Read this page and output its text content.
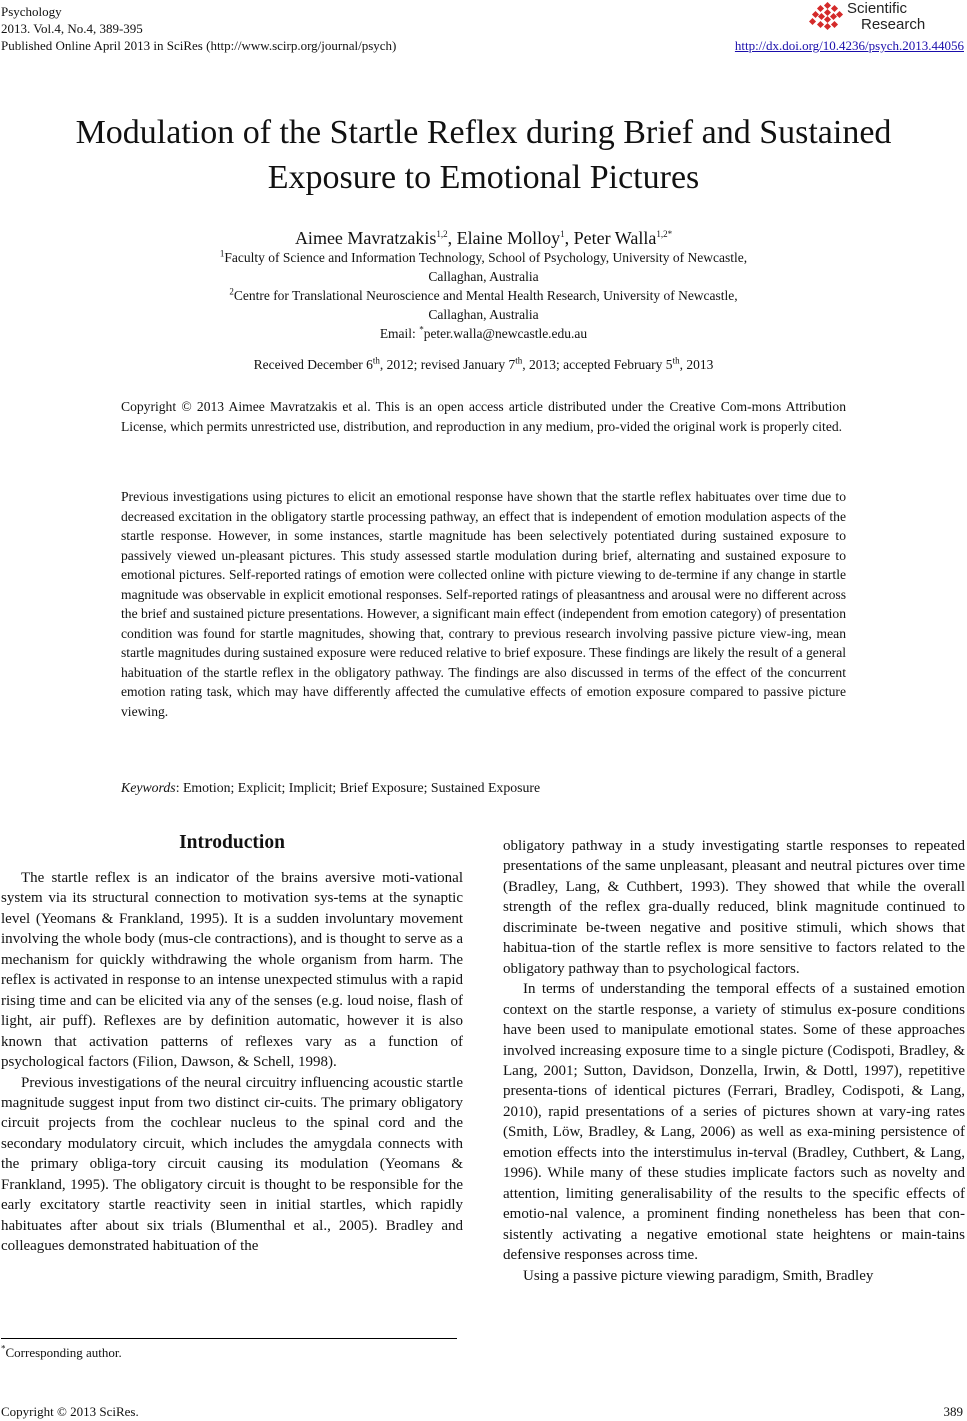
Psychology
2013. Vol.4, No.4, 389-395
Published Online April 2013 in SciRes (http://www.scirp.org/journal/psych)	http://dx.doi.org/10.4236/psych.2013.44056
Scientific
Research
Modulation of the Startle Reflex during Brief and Sustained
Exposure to Emotional Pictures
Aimee Mavratzakis$^{1,2}$, Elaine Molloy$^1$, Peter Walla$^{1,2*}$
$^1$Faculty of Science and Information Technology, School of Psychology, University of Newcastle,
Callaghan, Australia
$^2$Centre for Translational Neuroscience and Mental Health Research, University of Newcastle,
Callaghan, Australia
Email: *peter.walla@newcastle.edu.au
Received December 6th, 2012; revised January 7th, 2013; accepted February 5th, 2013
Copyright © 2013 Aimee Mavratzakis et al. This is an open access article distributed under the Creative Com-mons Attribution License, which permits unrestricted use, distribution, and reproduction in any medium, pro-vided the original work is properly cited.
Previous investigations using pictures to elicit an emotional response have shown that the startle reflex habituates over time due to decreased excitation in the obligatory startle processing pathway, an effect that is independent of emotion modulation aspects of the startle response. However, in some instances, startle magnitude has been selectively potentiated during sustained exposure to passively viewed un-pleasant pictures. This study assessed startle modulation during brief, alternating and sustained exposure to emotional pictures. Self-reported ratings of emotion were collected online with picture viewing to de-termine if any change in startle magnitude was observable in explicit emotional responses. Self-reported ratings of pleasantness and arousal were no different across the brief and sustained picture presentations. However, a significant main effect (independent from emotion category) of presentation condition was found for startle magnitudes, showing that, contrary to previous research involving passive picture view-ing, mean startle magnitudes during sustained exposure were reduced relative to brief exposure. These findings are likely the result of a general habituation of the startle reflex in the obligatory pathway. The findings are also discussed in terms of the effect of the concurrent emotion rating task, which may have differently affected the cumulative effects of emotion exposure compared to passive picture viewing.
Keywords: Emotion; Explicit; Implicit; Brief Exposure; Sustained Exposure
Introduction

The startle reflex is an indicator of the brains aversive moti-vational system via its structural connection to motivation sys-tems at the synaptic level (Yeomans & Frankland, 1995). It is a sudden involuntary movement involving the whole body (mus-cle contractions), and is thought to serve as a mechanism for quickly withdrawing the whole organism from harm. The reflex is activated in response to an intense unexpected stimulus with a rapid rising time and can be elicited via any of the senses (e.g. loud noise, flash of light, air puff). Reflexes are by definition automatic, however it is also known that activation patterns of reflexes vary as a function of psychological factors (Filion, Dawson, & Schell, 1998).

Previous investigations of the neural circuitry influencing acoustic startle magnitude suggest input from two distinct cir-cuits. The primary obligatory circuit projects from the cochlear nucleus to the spinal cord and the secondary modulatory circuit, which includes the amygdala connects with the primary obliga-tory circuit causing its modulation (Yeomans & Frankland, 1995). The obligatory circuit is thought to be responsible for the early excitatory startle reactivity seen in initial startles, which rapidly habituates after about six trials (Blumenthal et al., 2005). Bradley and colleagues demonstrated habituation of the

obligatory pathway in a study investigating startle responses to repeated presentations of the same unpleasant, pleasant and neutral pictures over time (Bradley, Lang, & Cuthbert, 1993). They showed that while the overall strength of the reflex gra-dually reduced, blink magnitude continued to discriminate be-tween negative and positive stimuli, which shows that habitua-tion of the startle reflex is more sensitive to factors related to the obligatory pathway than to psychological factors.

In terms of understanding the temporal effects of a sustained emotion context on the startle response, a variety of stimulus ex-posure conditions have been used to manipulate emotional states. Some of these approaches involved increasing exposure time to a single picture (Codispoti, Bradley, & Lang, 2001; Sutton, Davidson, Donzella, Irwin, & Dottl, 1997), repetitive presenta-tions of identical pictures (Ferrari, Bradley, Codispoti, & Lang, 2010), rapid presentations of a series of pictures shown at vary-ing rates (Smith, Löw, Bradley, & Lang, 2006) as well as exa-mining persistence of emotion effects into the interstimulus in-terval (Bradley, Cuthbert, & Lang, 1996). While many of these studies implicate factors such as novelty and attention, limiting generalisability of the results to the specific effects of emotio-nal valence, a prominent finding nonetheless has been that con-sistently activating a negative emotional state heightens or main-tains defensive responses across time.

Using a passive picture viewing paradigm, Smith, Bradley

*Corresponding author.
Copyright © 2013 SciRes.	389
